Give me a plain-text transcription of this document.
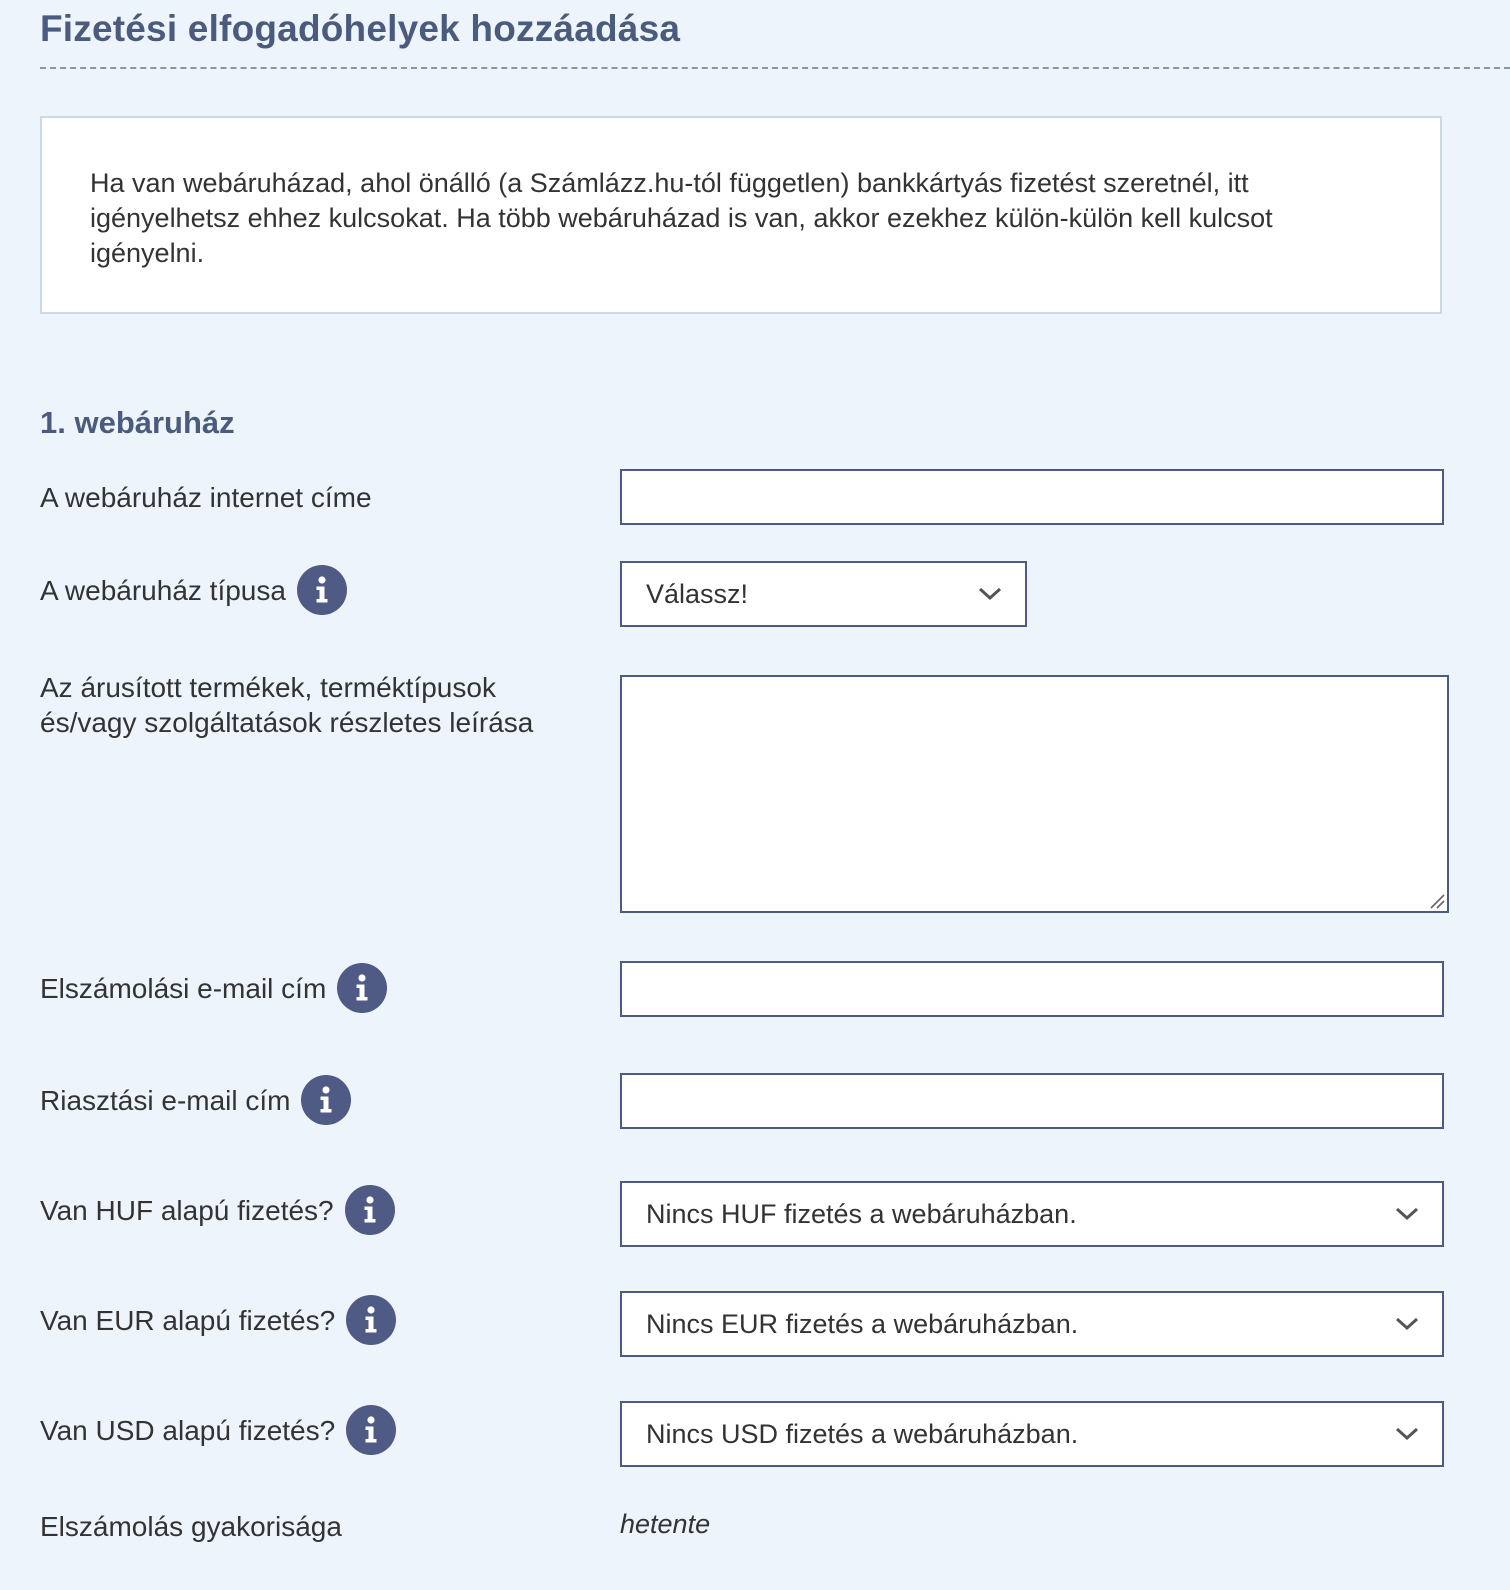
Fizetési elfogadóhelyek hozzáadása

Ha van webáruházad, ahol önálló (a Számlázz.hu-tól független) bankkártyás fizetést szeretnél, itt igényelhetsz ehhez kulcsokat. Ha több webáruházad is van, akkor ezekhez külön-külön kell kulcsot igényelni.

1. webáruház
A webáruház internet címe
A webáruház típusa	Válassz!
Az árusított termékek, terméktípusok
és/vagy szolgáltatások részletes leírása
Elszámolási e-mail cím
Riasztási e-mail cím
Van HUF alapú fizetés?	Nincs HUF fizetés a webáruházban.
Van EUR alapú fizetés?	Nincs EUR fizetés a webáruházban.
Van USD alapú fizetés?	Nincs USD fizetés a webáruházban.
Elszámolás gyakorisága	hetente
